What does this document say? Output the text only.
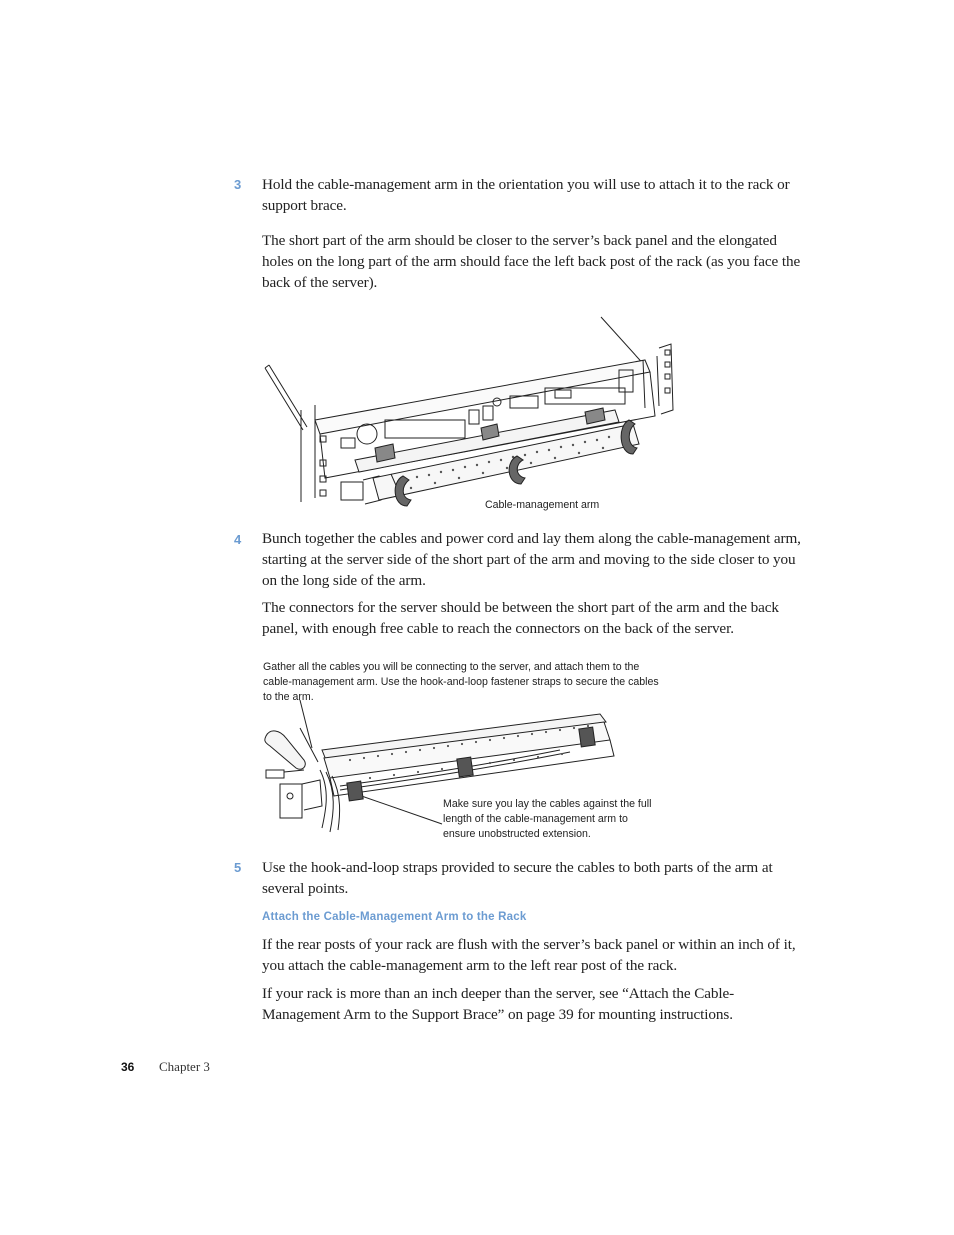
3	Hold the cable-management arm in the orientation you will use to attach it to the rack or support brace.
The short part of the arm should be closer to the server’s back panel and the elongated holes on the long part of the arm should face the left back post of the rack (as you face the back of the server).
Cable-management arm
4	Bunch together the cables and power cord and lay them along the cable-management arm, starting at the server side of the short part of the arm and moving to the side closer to you on the long side of the arm.
The connectors for the server should be between the short part of the arm and the back panel, with enough free cable to reach the connectors on the back of the server.
Gather all the cables you will be connecting to the server, and attach them to the cable-management arm. Use the hook-and-loop fastener straps to secure the cables to the arm.
Make sure you lay the cables against the full length of the cable-management arm to ensure unobstructed extension.
5	Use the hook-and-loop straps provided to secure the cables to both parts of the arm at several points.
Attach the Cable-Management Arm to the Rack
If the rear posts of your rack are flush with the server’s back panel or within an inch of it, you attach the cable-management arm to the left rear post of the rack.
If your rack is more than an inch deeper than the server, see “Attach the Cable-Management Arm to the Support Brace” on page 39 for mounting instructions.
36 Chapter 3
